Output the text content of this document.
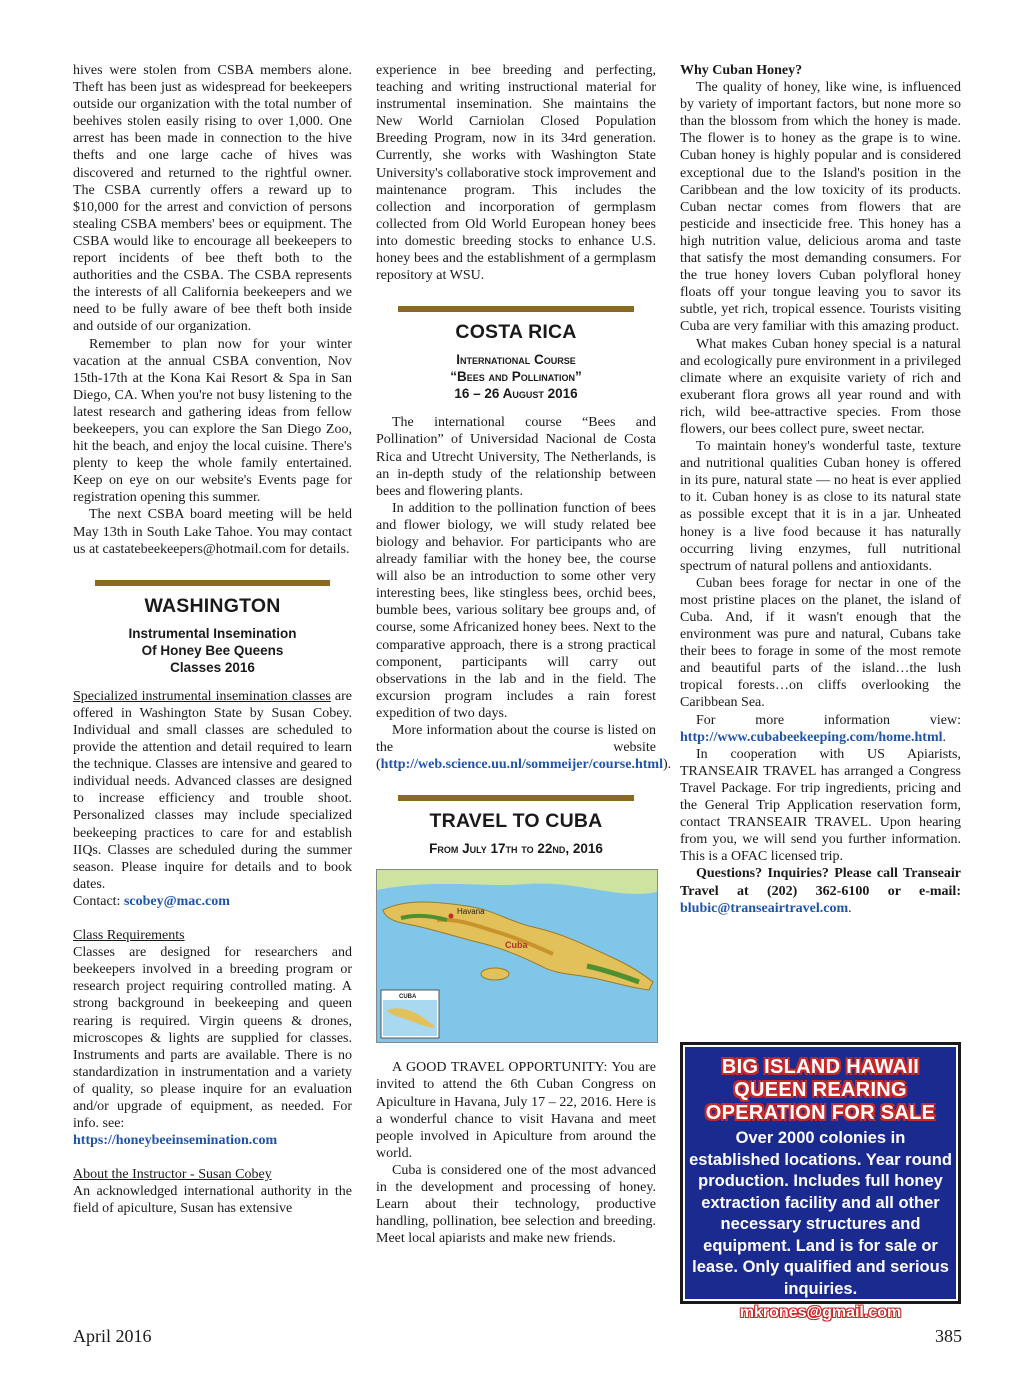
hives were stolen from CSBA members alone. Theft has been just as widespread for beekeepers outside our organization with the total number of beehives stolen easily rising to over 1,000. One arrest has been made in connection to the hive thefts and one large cache of hives was discovered and returned to the rightful owner. The CSBA currently offers a reward up to $10,000 for the arrest and conviction of persons stealing CSBA members' bees or equipment. The CSBA would like to encourage all beekeepers to report incidents of bee theft both to the authorities and the CSBA. The CSBA represents the interests of all California beekeepers and we need to be fully aware of bee theft both inside and outside of our organization.

Remember to plan now for your winter vacation at the annual CSBA convention, Nov 15th-17th at the Kona Kai Resort & Spa in San Diego, CA. When you're not busy listening to the latest research and gathering ideas from fellow beekeepers, you can explore the San Diego Zoo, hit the beach, and enjoy the local cuisine. There's plenty to keep the whole family entertained. Keep on eye on our website's Events page for registration opening this summer.

The next CSBA board meeting will be held May 13th in South Lake Tahoe. You may contact us at castatebeekeepers@hotmail.com for details.

WASHINGTON
Instrumental Insemination Of Honey Bee Queens Classes 2016

Specialized instrumental insemination classes are offered in Washington State by Susan Cobey. Individual and small classes are scheduled to provide the attention and detail required to learn the technique. Classes are intensive and geared to individual needs. Advanced classes are designed to increase efficiency and trouble shoot. Personalized classes may include specialized beekeeping practices to care for and establish IIQs. Classes are scheduled during the summer season. Please inquire for details and to book dates.

Contact: scobey@mac.com

Class Requirements

Classes are designed for researchers and beekeepers involved in a breeding program or research project requiring controlled mating. A strong background in beekeeping and queen rearing is required. Virgin queens & drones, microscopes & lights are supplied for classes. Instruments and parts are available. There is no standardization in instrumentation and a variety of quality, so please inquire for an evaluation and/or upgrade of equipment, as needed. For info. see:

https://honeybeeinsemination.com

About the Instructor - Susan Cobey

An acknowledged international authority in the field of apiculture, Susan has extensive

experience in bee breeding and perfecting, teaching and writing instructional material for instrumental insemination. She maintains the New World Carniolan Closed Population Breeding Program, now in its 34rd generation. Currently, she works with Washington State University's collaborative stock improvement and maintenance program. This includes the collection and incorporation of germplasm collected from Old World European honey bees into domestic breeding stocks to enhance U.S. honey bees and the establishment of a germplasm repository at WSU.

COSTA RICA
International Course
“Bees and Pollination”
16 – 26 August 2016

The international course “Bees and Pollination” of Universidad Nacional de Costa Rica and Utrecht University, The Netherlands, is an in-depth study of the relationship between bees and flowering plants.

In addition to the pollination function of bees and flower biology, we will study related bee biology and behavior. For participants who are already familiar with the honey bee, the course will also be an introduction to some other very interesting bees, like stingless bees, orchid bees, bumble bees, various solitary bee groups and, of course, some Africanized honey bees. Next to the comparative approach, there is a strong practical component, participants will carry out observations in the lab and in the field. The excursion program includes a rain forest expedition of two days.

More information about the course is listed on the website (http://web.science.uu.nl/sommeijer/course.html).

TRAVEL TO CUBA
From July 17th to 22nd, 2016
Havana
Cuba
CUBA

A GOOD TRAVEL OPPORTUNITY: You are invited to attend the 6th Cuban Congress on Apiculture in Havana, July 17 – 22, 2016. Here is a wonderful chance to visit Havana and meet people involved in Apiculture from around the world.

Cuba is considered one of the most advanced in the development and processing of honey. Learn about their technology, productive handling, pollination, bee selection and breeding. Meet local apiarists and make new friends.

Why Cuban Honey?

The quality of honey, like wine, is influenced by variety of important factors, but none more so than the blossom from which the honey is made. The flower is to honey as the grape is to wine. Cuban honey is highly popular and is considered exceptional due to the Island's position in the Caribbean and the low toxicity of its products. Cuban nectar comes from flowers that are pesticide and insecticide free. This honey has a high nutrition value, delicious aroma and taste that satisfy the most demanding consumers. For the true honey lovers Cuban polyfloral honey floats off your tongue leaving you to savor its subtle, yet rich, tropical essence. Tourists visiting Cuba are very familiar with this amazing product.

What makes Cuban honey special is a natural and ecologically pure environment in a privileged climate where an exquisite variety of rich and exuberant flora grows all year round and with rich, wild bee-attractive species. From those flowers, our bees collect pure, sweet nectar.

To maintain honey's wonderful taste, texture and nutritional qualities Cuban honey is offered in its pure, natural state — no heat is ever applied to it. Cuban honey is as close to its natural state as possible except that it is in a jar. Unheated honey is a live food because it has naturally occurring living enzymes, full nutritional spectrum of natural pollens and antioxidants.

Cuban bees forage for nectar in one of the most pristine places on the planet, the island of Cuba. And, if it wasn't enough that the environment was pure and natural, Cubans take their bees to forage in some of the most remote and beautiful parts of the island…the lush tropical forests…on cliffs overlooking the Caribbean Sea.

For more information view: http://www.cubabeekeeping.com/home.html.

In cooperation with US Apiarists, TRANSEAIR TRAVEL has arranged a Congress Travel Package. For trip ingredients, pricing and the General Trip Application reservation form, contact TRANSEAIR TRAVEL. Upon hearing from you, we will send you further information. This is a OFAC licensed trip.

Questions? Inquiries? Please call Transeair Travel at (202) 362-6100 or e-mail: blubic@transeairtravel.com.

BIG ISLAND HAWAII
QUEEN REARING
OPERATION FOR SALE
Over 2000 colonies in established locations. Year round production. Includes full honey extraction facility and all other necessary structures and equipment. Land is for sale or lease. Only qualified and serious inquiries.
mkrones@gmail.com
April 2016	385
